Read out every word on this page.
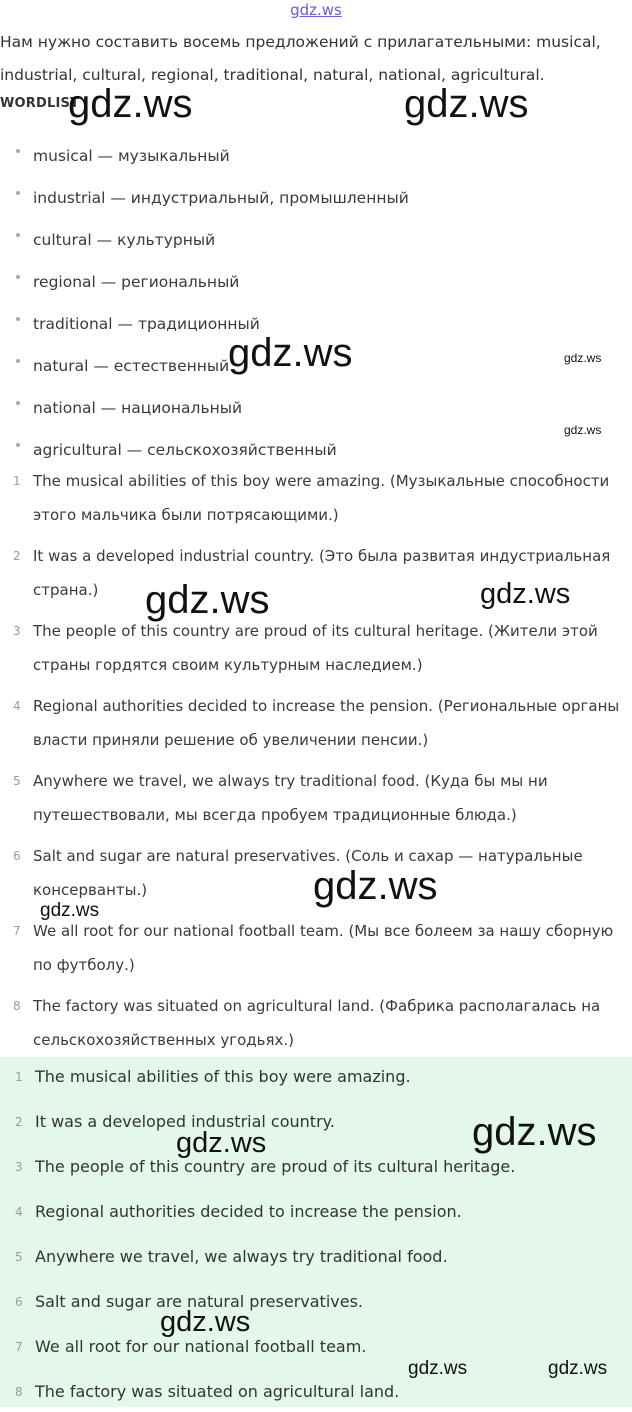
gdz.ws
Нам нужно составить восемь предложений с прилагательными: musical, industrial, cultural, regional, traditional, natural, national, agricultural.
WORDLIST
musical — музыкальный
industrial — индустриальный, промышленный
cultural — культурный
regional — региональный
traditional — традиционный
natural — естественный
national — национальный
agricultural — сельскохозяйственный
1 The musical abilities of this boy were amazing. (Музыкальные способности этого мальчика были потрясающими.)
2 It was a developed industrial country. (Это была развитая индустриальная страна.)
3 The people of this country are proud of its cultural heritage. (Жители этой страны гордятся своим культурным наследием.)
4 Regional authorities decided to increase the pension. (Региональные органы власти приняли решение об увеличении пенсии.)
5 Anywhere we travel, we always try traditional food. (Куда бы мы ни путешествовали, мы всегда пробуем традиционные блюда.)
6 Salt and sugar are natural preservatives. (Соль и сахар — натуральные консерванты.)
7 We all root for our national football team. (Мы все болеем за нашу сборную по футболу.)
8 The factory was situated on agricultural land. (Фабрика располагалась на сельскохозяйственных угодьях.)
1 The musical abilities of this boy were amazing.
2 It was a developed industrial country.
3 The people of this country are proud of its cultural heritage.
4 Regional authorities decided to increase the pension.
5 Anywhere we travel, we always try traditional food.
6 Salt and sugar are natural preservatives.
7 We all root for our national football team.
8 The factory was situated on agricultural land.
gdz.ws	gdz.ws
gdz.ws	gdz.ws
gdz.ws
gdz.ws	gdz.ws
gdz.ws
gdz.ws
gdz.ws
gdz.ws
gdz.ws
gdz.ws	gdz.ws
